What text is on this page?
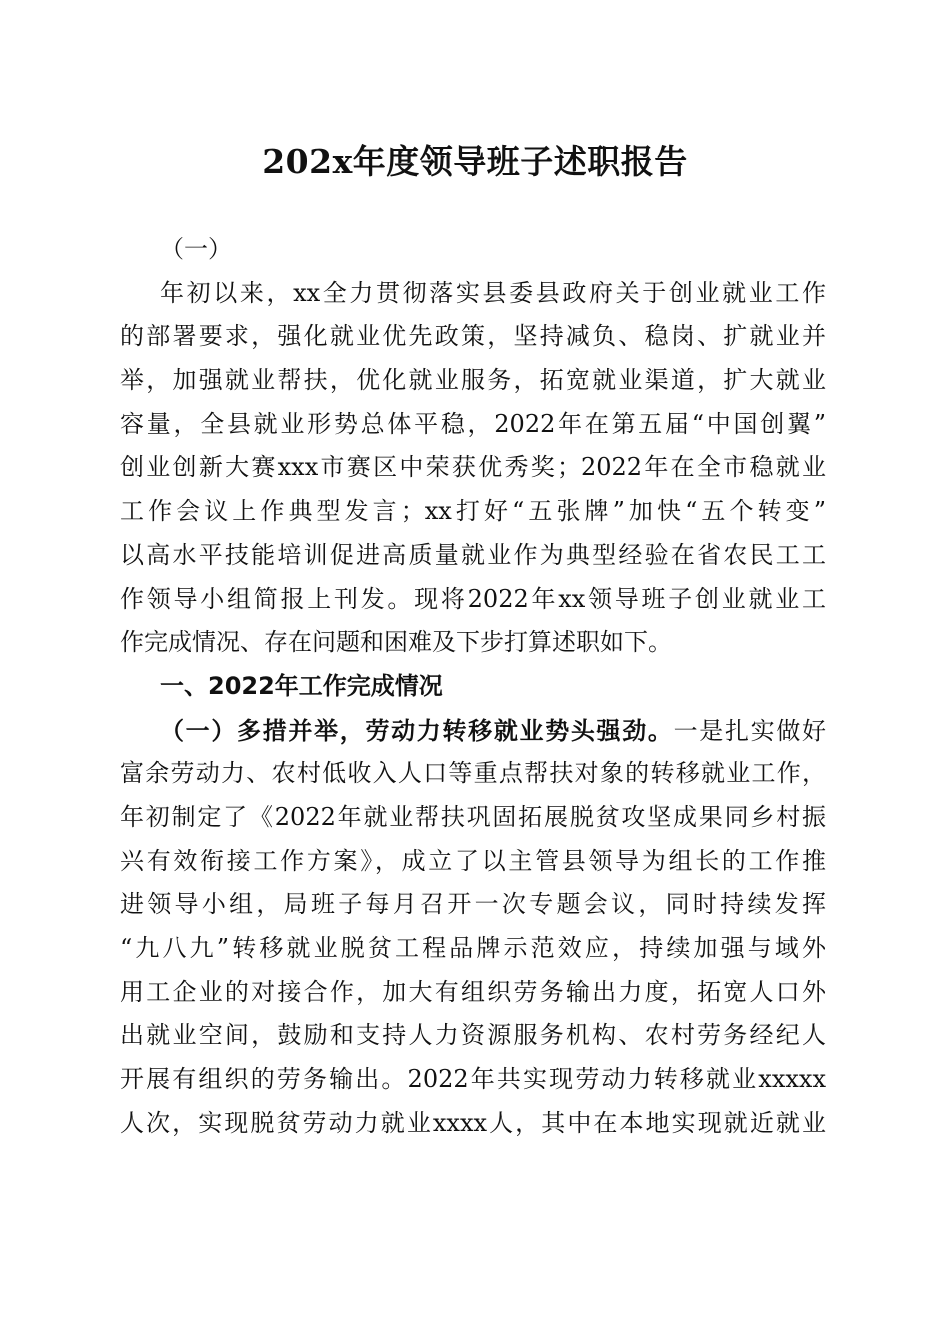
202x年度领导班子述职报告
（一）
年初以来，xx全力贯彻落实县委县政府关于创业就业工作
的部署要求，强化就业优先政策，坚持减负、稳岗、扩就业并
举，加强就业帮扶，优化就业服务，拓宽就业渠道，扩大就业
容量，全县就业形势总体平稳，2022年在第五届“中国创翼”
创业创新大赛xxx市赛区中荣获优秀奖；2022年在全市稳就业
工作会议上作典型发言；xx打好“五张牌”加快“五个转变”
以高水平技能培训促进高质量就业作为典型经验在省农民工工
作领导小组简报上刊发。现将2022年xx领导班子创业就业工
作完成情况、存在问题和困难及下步打算述职如下。
一、2022年工作完成情况
（一）多措并举，劳动力转移就业势头强劲。一是扎实做好
富余劳动力、农村低收入人口等重点帮扶对象的转移就业工作，
年初制定了《2022年就业帮扶巩固拓展脱贫攻坚成果同乡村振
兴有效衔接工作方案》，成立了以主管县领导为组长的工作推
进领导小组，局班子每月召开一次专题会议，同时持续发挥
“九八九”转移就业脱贫工程品牌示范效应，持续加强与域外
用工企业的对接合作，加大有组织劳务输出力度，拓宽人口外
出就业空间，鼓励和支持人力资源服务机构、农村劳务经纪人
开展有组织的劳务输出。2022年共实现劳动力转移就业xxxxx
人次，实现脱贫劳动力就业xxxx人，其中在本地实现就近就业
